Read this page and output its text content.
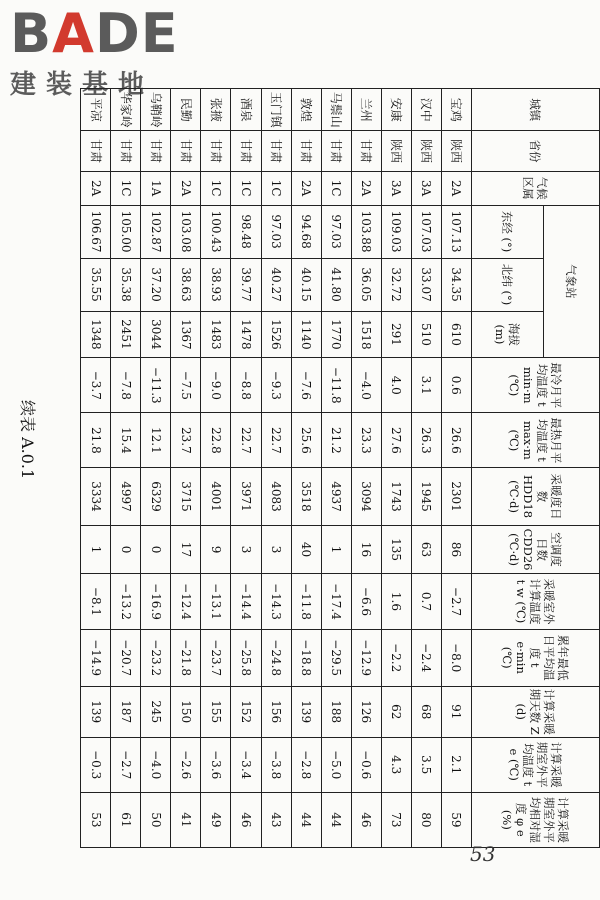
BADE
建装基地
续表 A.0.1
城镇	省份	气候区属	气象站			最冷月平均温度 t min·m (℃)	最热月平均温度 t max·m (℃)	采暖度日数 HDD18 (℃·d)	空调度日数 CDD26 (℃·d)	采暖室外计算温度 t w (℃)	累年最低日平均温度 t e·min (℃)	计算采暖期天数 Z (d)	计算采暖期室外平均温度 t e (℃)	计算采暖期室外平均相对湿度 φ e (%)
			东经 (°)	北纬 (°)	海拔 (m)									
宝鸡	陕西	2A	107.13	34.35	610	0.6	26.6	2301	86	−2.7	−8.0	91	2.1	59
汉中	陕西	3A	107.03	33.07	510	3.1	26.3	1945	63	0.7	−2.4	68	3.5	80
安康	陕西	3A	109.03	32.72	291	4.0	27.6	1743	135	1.6	−2.2	62	4.3	73
兰州	甘肃	2A	103.88	36.05	1518	−4.0	23.3	3094	16	−6.6	−12.9	126	−0.6	46
马鬃山	甘肃	1C	97.03	41.80	1770	−11.8	21.2	4937	1	−17.4	−29.5	188	−5.0	44
敦煌	甘肃	2A	94.68	40.15	1140	−7.6	25.6	3518	40	−11.8	−18.8	139	−2.8	44
玉门镇	甘肃	1C	97.03	40.27	1526	−9.3	22.7	4083	3	−14.3	−24.8	156	−3.8	43
酒泉	甘肃	1C	98.48	39.77	1478	−8.8	22.7	3971	3	−14.4	−25.8	152	−3.4	46
张掖	甘肃	1C	100.43	38.93	1483	−9.0	22.8	4001	9	−13.1	−23.7	155	−3.6	49
民勤	甘肃	2A	103.08	38.63	1367	−7.5	23.7	3715	17	−12.4	−21.8	150	−2.6	41
乌鞘岭	甘肃	1A	102.87	37.20	3044	−11.3	12.1	6329	0	−16.9	−23.2	245	−4.0	50
华家岭	甘肃	1C	105.00	35.38	2451	−7.8	15.4	4997	0	−13.2	−20.7	187	−2.7	61
平凉	甘肃	2A	106.67	35.55	1348	−3.7	21.8	3334	1	−8.1	−14.9	139	−0.3	53
53
